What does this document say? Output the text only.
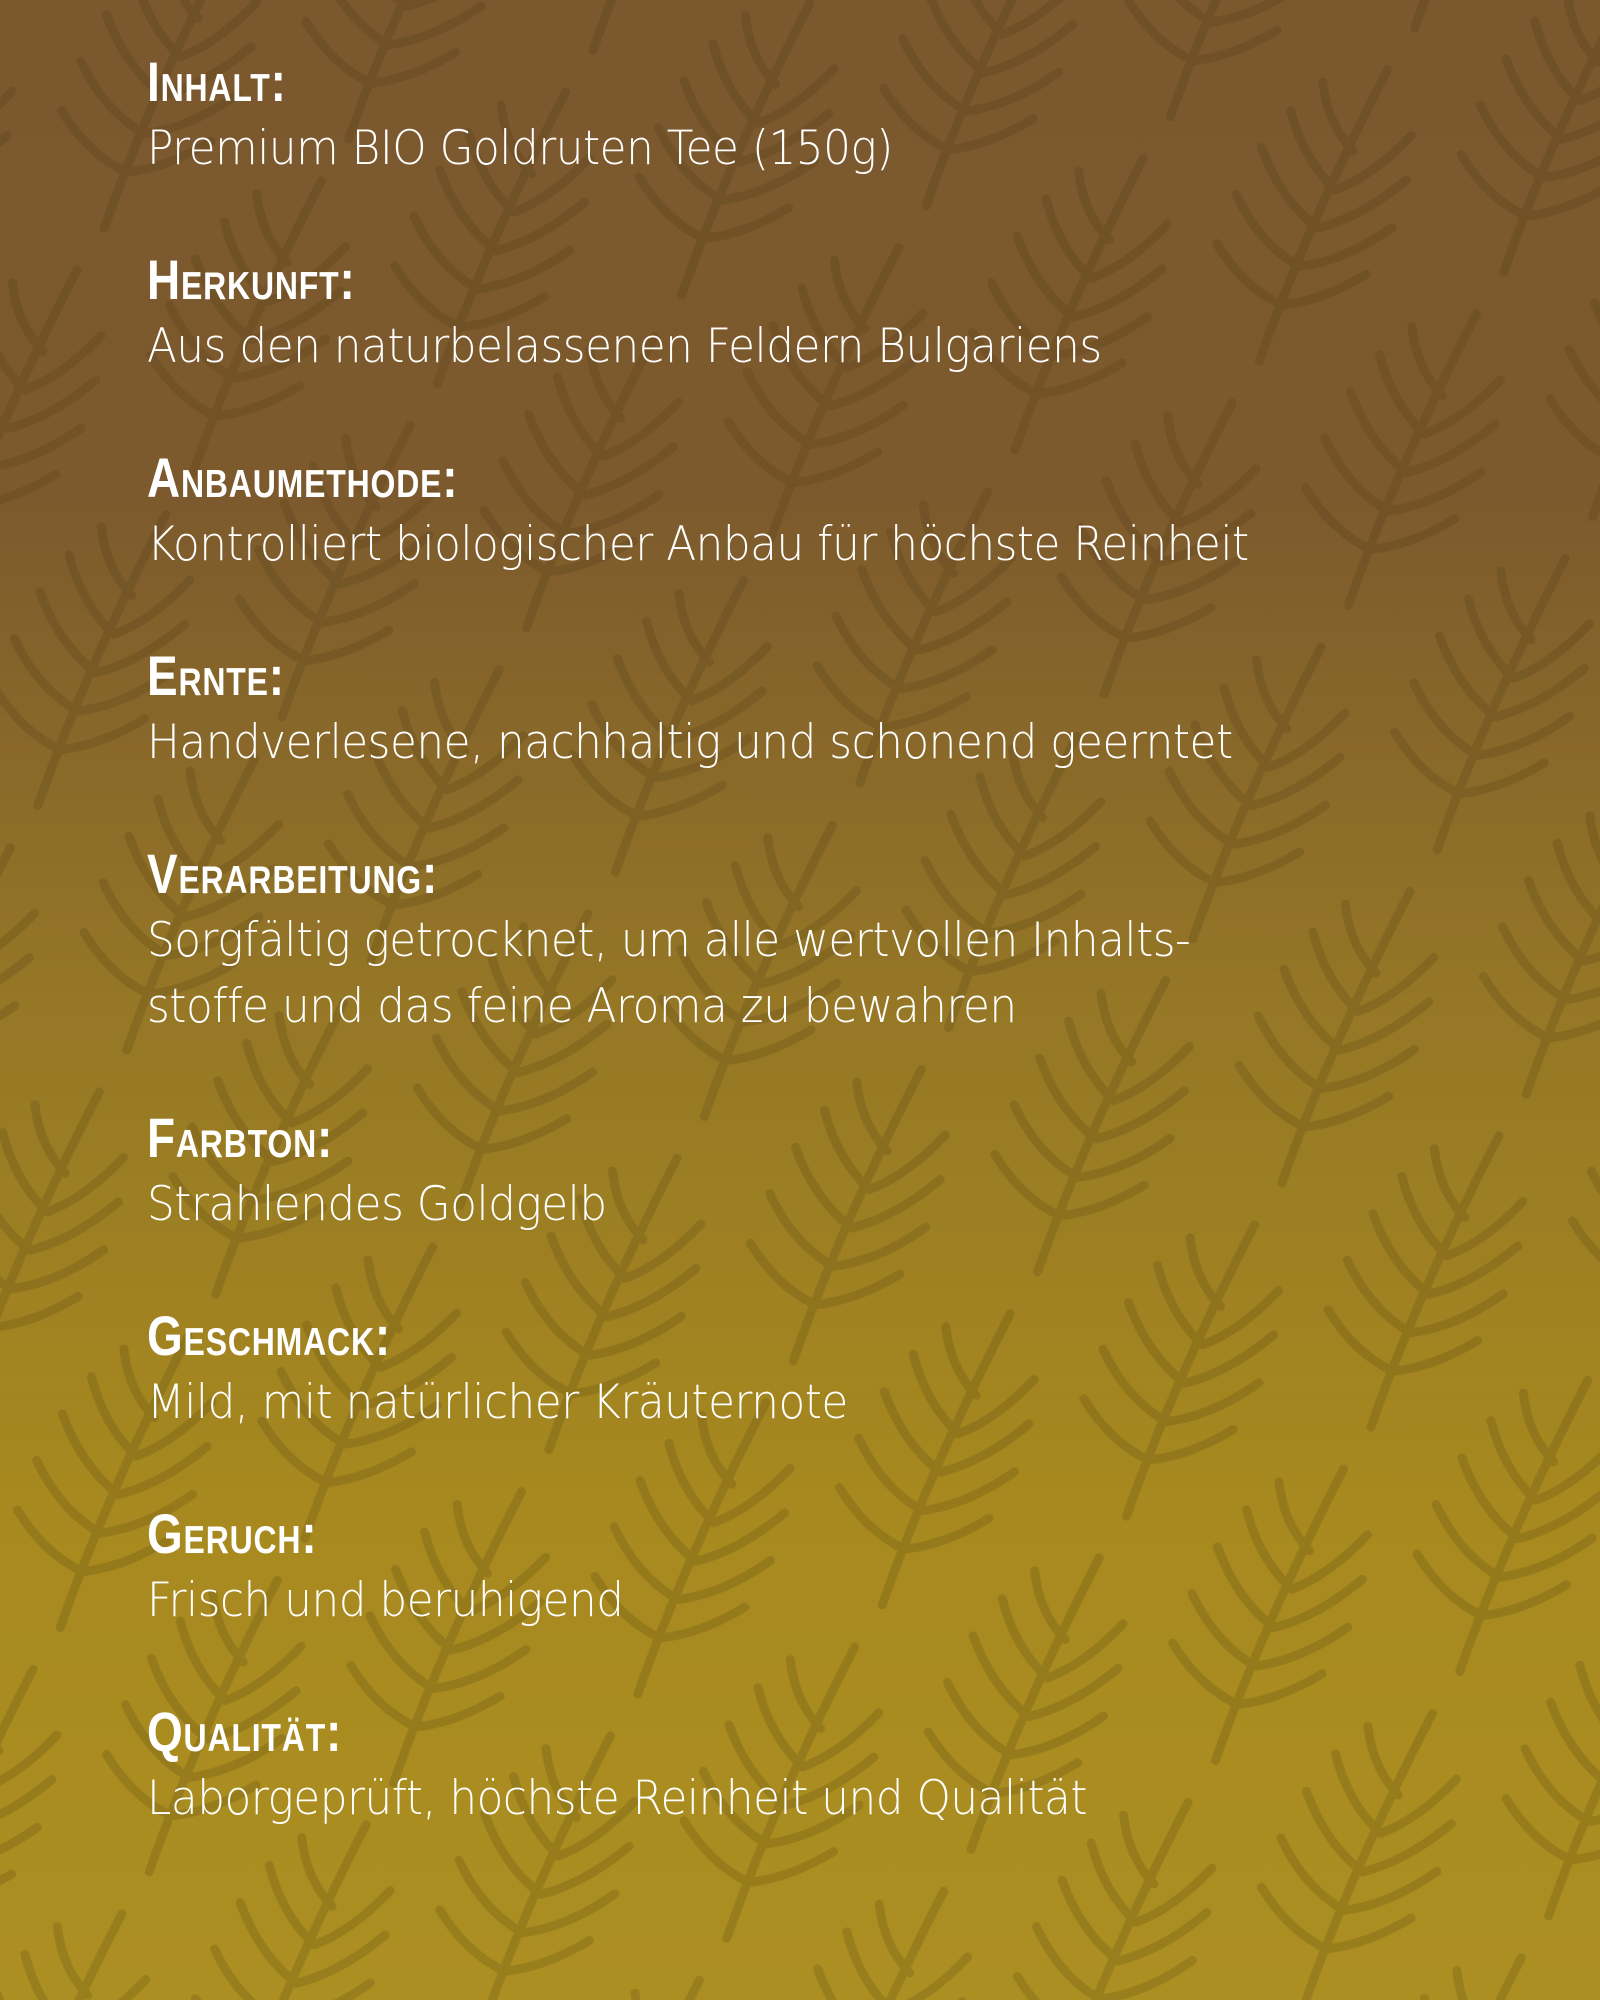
Inhalt:
Premium BIO Goldruten Tee (150g)
Herkunft:
Aus den naturbelassenen Feldern Bulgariens
Anbaumethode:
Kontrolliert biologischer Anbau für höchste Reinheit
Ernte:
Handverlesene, nachhaltig und schonend geerntet
Verarbeitung:
Sorgfältig getrocknet, um alle wertvollen Inhalts-
stoffe und das feine Aroma zu bewahren
Farbton:
Strahlendes Goldgelb
Geschmack:
Mild, mit natürlicher Kräuternote
Geruch:
Frisch und beruhigend
Qualität:
Laborgeprüft, höchste Reinheit und Qualität
